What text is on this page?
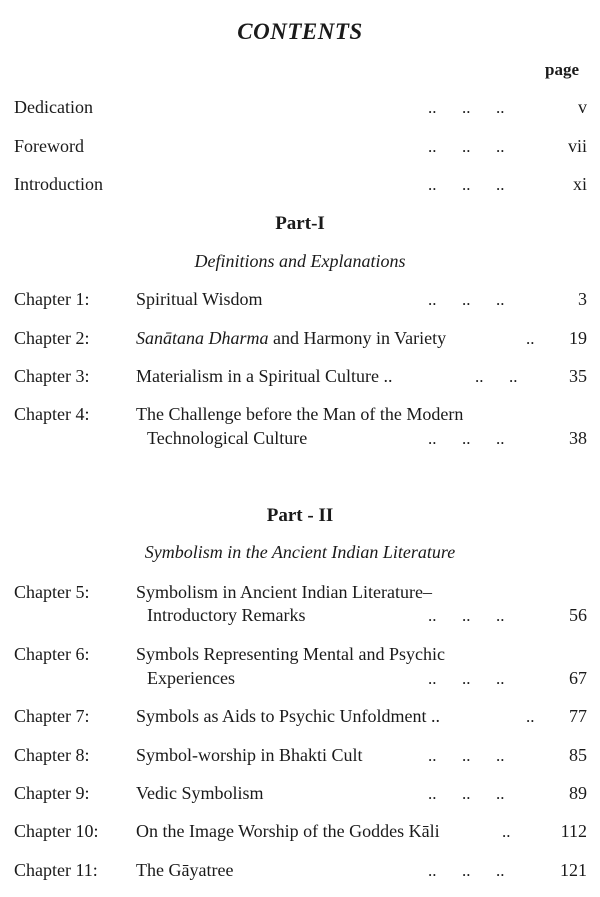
CONTENTS
page
Dedication	..      ..      ..	v
Foreword	..      ..      ..	vii
Introduction	..      ..      ..	xi
Part-I
Definitions and Explanations
Chapter 1:	Spiritual Wisdom	..      ..      ..	3
Chapter 2:	Sanātana Dharma and Harmony in Variety	.. 19
Chapter 3:	Materialism in a Spiritual Culture ..	..      ..	35
Chapter 4:	The Challenge before the Man of the Modern
Technological Culture	..      ..      ..	38
Part - II
Symbolism in the Ancient Indian Literature
Chapter 5:	Symbolism in Ancient Indian Literature–
Introductory Remarks	..      ..      ..	56
Chapter 6:	Symbols Representing Mental and Psychic
Experiences	..      ..      ..	67
Chapter 7:	Symbols as Aids to Psychic Unfoldment ..	.. 77
Chapter 8:	Symbol-worship in Bhakti Cult	..      ..      ..	85
Chapter 9:	Vedic Symbolism	..      ..      ..	89
Chapter 10: On the Image Worship of the Goddes Kāli	..	112
Chapter 11: The Gāyatree	..      ..      ..	121
